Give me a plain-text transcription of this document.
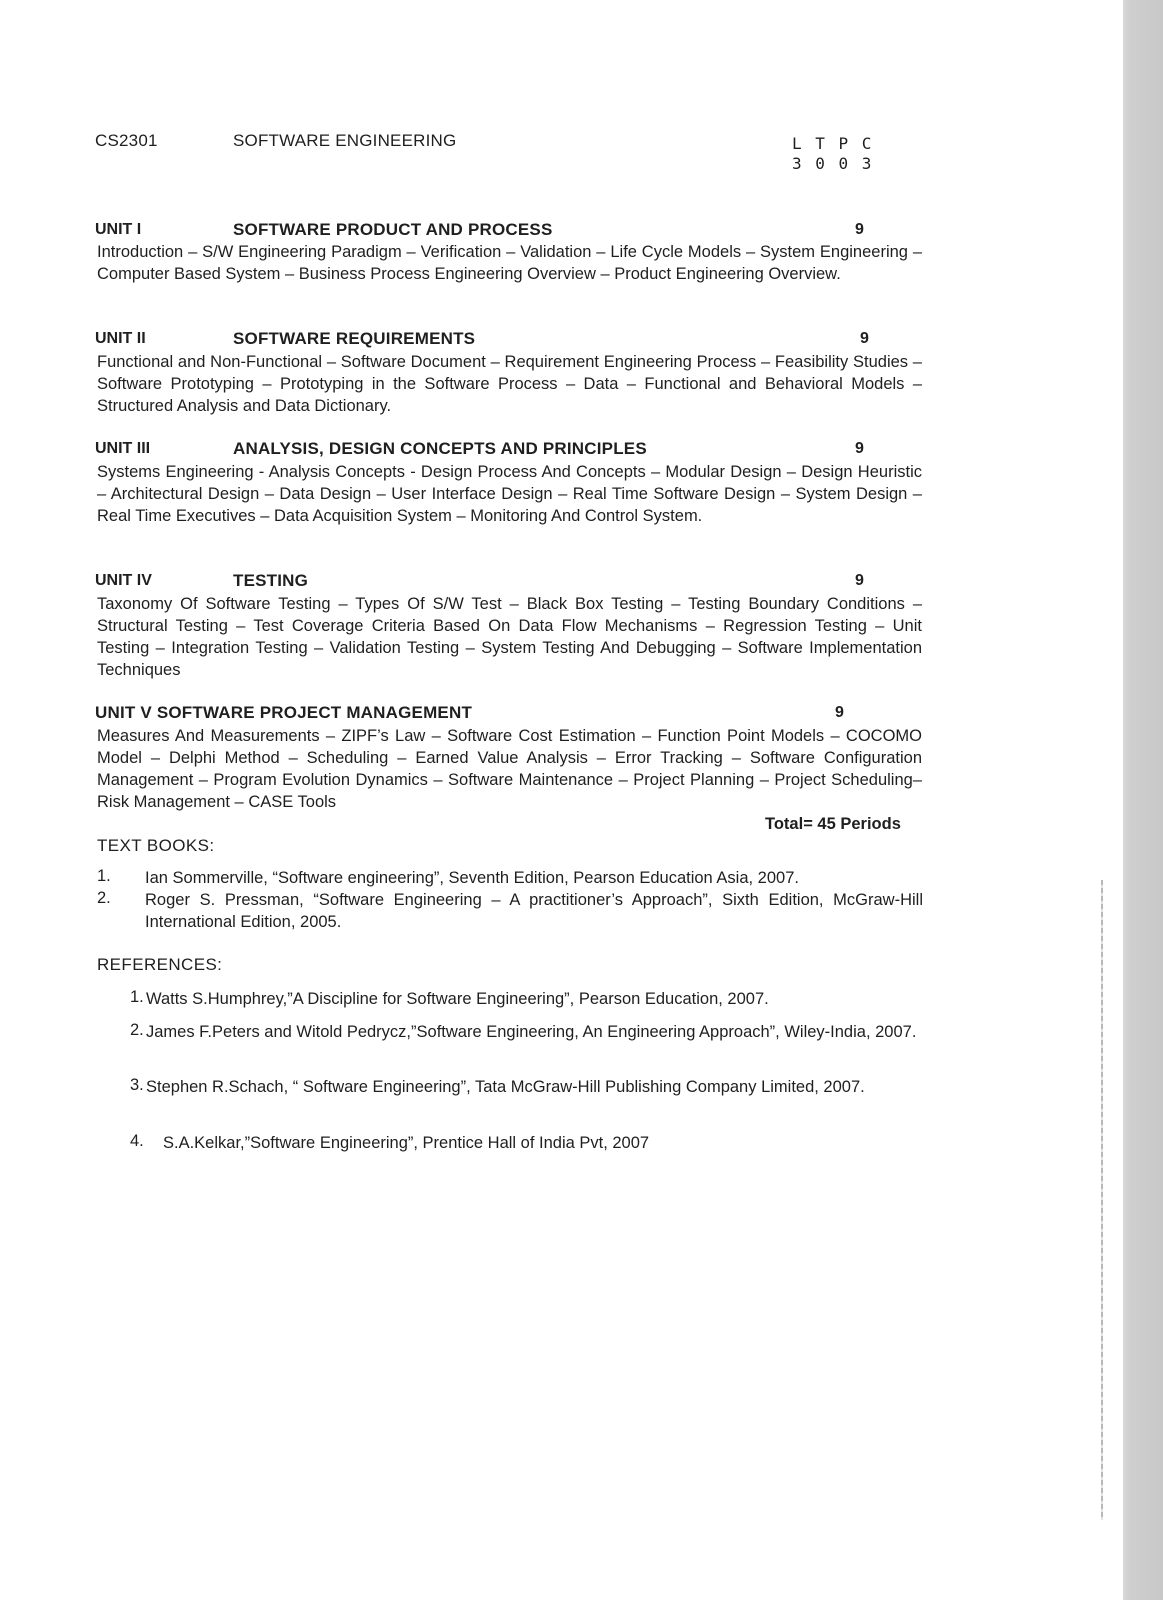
CS2301	SOFTWARE ENGINEERING	L T P C
3 0 0 3
UNIT I	SOFTWARE PRODUCT AND PROCESS	9
Introduction – S/W Engineering Paradigm – Verification – Validation – Life Cycle Models – System Engineering – Computer Based System – Business Process Engineering Overview – Product Engineering Overview.
UNIT II	SOFTWARE REQUIREMENTS	9
Functional and Non-Functional – Software Document – Requirement Engineering Process – Feasibility Studies – Software Prototyping – Prototyping in the Software Process – Data – Functional and Behavioral Models – Structured Analysis and Data Dictionary.
UNIT III	ANALYSIS, DESIGN CONCEPTS AND PRINCIPLES	9
Systems Engineering - Analysis Concepts - Design Process And Concepts – Modular Design – Design Heuristic – Architectural Design – Data Design – User Interface Design – Real Time Software Design – System Design – Real Time Executives – Data Acquisition System – Monitoring And Control System.
UNIT IV	TESTING	9
Taxonomy Of Software Testing – Types Of S/W Test – Black Box Testing – Testing Boundary Conditions – Structural Testing – Test Coverage Criteria Based On Data Flow Mechanisms – Regression Testing – Unit Testing – Integration Testing – Validation Testing – System Testing And Debugging – Software Implementation Techniques
UNIT V SOFTWARE PROJECT MANAGEMENT	9
Measures And Measurements – ZIPF’s Law – Software Cost Estimation – Function Point Models – COCOMO Model – Delphi Method – Scheduling – Earned Value Analysis – Error Tracking – Software Configuration Management – Program Evolution Dynamics – Software Maintenance – Project Planning – Project Scheduling– Risk Management – CASE Tools
Total= 45 Periods
TEXT BOOKS:
1. Ian Sommerville, “Software engineering”, Seventh Edition, Pearson Education Asia, 2007.
2. Roger S. Pressman, “Software Engineering – A practitioner’s Approach”, Sixth Edition, McGraw-Hill International Edition, 2005.
REFERENCES:
1. Watts S.Humphrey,”A Discipline for Software Engineering”, Pearson Education, 2007.
2. James F.Peters and Witold Pedrycz,”Software Engineering, An Engineering Approach”, Wiley-India, 2007.
3. Stephen R.Schach, “ Software Engineering”, Tata McGraw-Hill Publishing Company Limited, 2007.
4. S.A.Kelkar,”Software Engineering”, Prentice Hall of India Pvt, 2007
